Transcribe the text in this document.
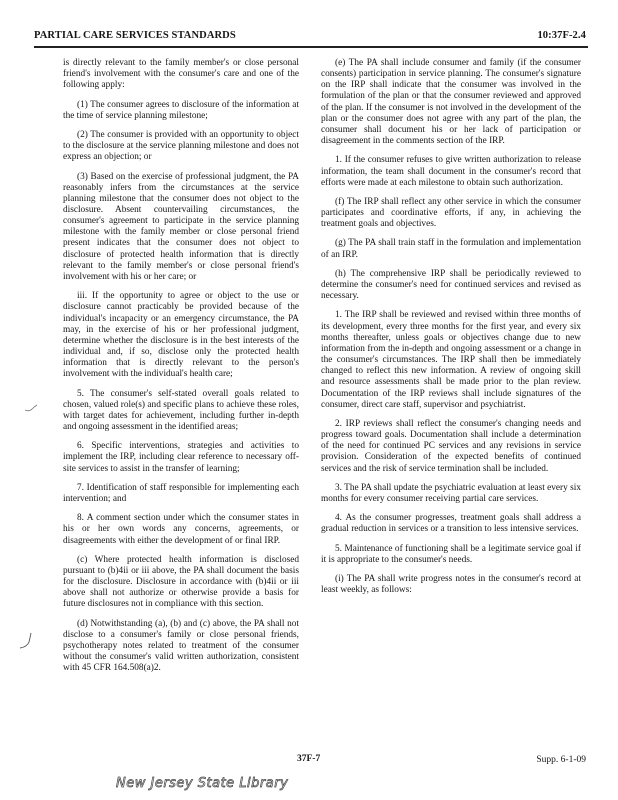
PARTIAL CARE SERVICES STANDARDS	10:37F-2.4

is directly relevant to the family member's or close personal friend's involvement with the consumer's care and one of the following apply:

(1) The consumer agrees to disclosure of the information at the time of service planning milestone;

(2) The consumer is provided with an opportunity to object to the disclosure at the service planning milestone and does not express an objection; or

(3) Based on the exercise of professional judgment, the PA reasonably infers from the circumstances at the service planning milestone that the consumer does not object to the disclosure. Absent countervailing circumstances, the consumer's agreement to participate in the service planning milestone with the family member or close personal friend present indicates that the consumer does not object to disclosure of protected health information that is directly relevant to the family member's or close personal friend's involvement with his or her care; or

iii. If the opportunity to agree or object to the use or disclosure cannot practicably be provided because of the individual's incapacity or an emergency circumstance, the PA may, in the exercise of his or her professional judgment, determine whether the disclosure is in the best interests of the individual and, if so, disclose only the protected health information that is directly relevant to the person's involvement with the individual's health care;

5. The consumer's self-stated overall goals related to chosen, valued role(s) and specific plans to achieve these roles, with target dates for achievement, including further in-depth and ongoing assessment in the identified areas;

6. Specific interventions, strategies and activities to implement the IRP, including clear reference to necessary off-site services to assist in the transfer of learning;

7. Identification of staff responsible for implementing each intervention; and

8. A comment section under which the consumer states in his or her own words any concerns, agreements, or disagreements with either the development of or final IRP.

(c) Where protected health information is disclosed pursuant to (b)4ii or iii above, the PA shall document the basis for the disclosure. Disclosure in accordance with (b)4ii or iii above shall not authorize or otherwise provide a basis for future disclosures not in compliance with this section.

(d) Notwithstanding (a), (b) and (c) above, the PA shall not disclose to a consumer's family or close personal friends, psychotherapy notes related to treatment of the consumer without the consumer's valid written authorization, consistent with 45 CFR 164.508(a)2.

(e) The PA shall include consumer and family (if the consumer consents) participation in service planning. The consumer's signature on the IRP shall indicate that the consumer was involved in the formulation of the plan or that the consumer reviewed and approved of the plan. If the consumer is not involved in the development of the plan or the consumer does not agree with any part of the plan, the consumer shall document his or her lack of participation or disagreement in the comments section of the IRP.

1. If the consumer refuses to give written authorization to release information, the team shall document in the consumer's record that efforts were made at each milestone to obtain such authorization.

(f) The IRP shall reflect any other service in which the consumer participates and coordinative efforts, if any, in achieving the treatment goals and objectives.

(g) The PA shall train staff in the formulation and implementation of an IRP.

(h) The comprehensive IRP shall be periodically reviewed to determine the consumer's need for continued services and revised as necessary.

1. The IRP shall be reviewed and revised within three months of its development, every three months for the first year, and every six months thereafter, unless goals or objectives change due to new information from the in-depth and ongoing assessment or a change in the consumer's circumstances. The IRP shall then be immediately changed to reflect this new information. A review of ongoing skill and resource assessments shall be made prior to the plan review. Documentation of the IRP reviews shall include signatures of the consumer, direct care staff, supervisor and psychiatrist.

2. IRP reviews shall reflect the consumer's changing needs and progress toward goals. Documentation shall include a determination of the need for continued PC services and any revisions in service provision. Consideration of the expected benefits of continued services and the risk of service termination shall be included.

3. The PA shall update the psychiatric evaluation at least every six months for every consumer receiving partial care services.

4. As the consumer progresses, treatment goals shall address a gradual reduction in services or a transition to less intensive services.

5. Maintenance of functioning shall be a legitimate service goal if it is appropriate to the consumer's needs.

(i) The PA shall write progress notes in the consumer's record at least weekly, as follows:

37F-7	Supp. 6-1-09
New Jersey State Library
